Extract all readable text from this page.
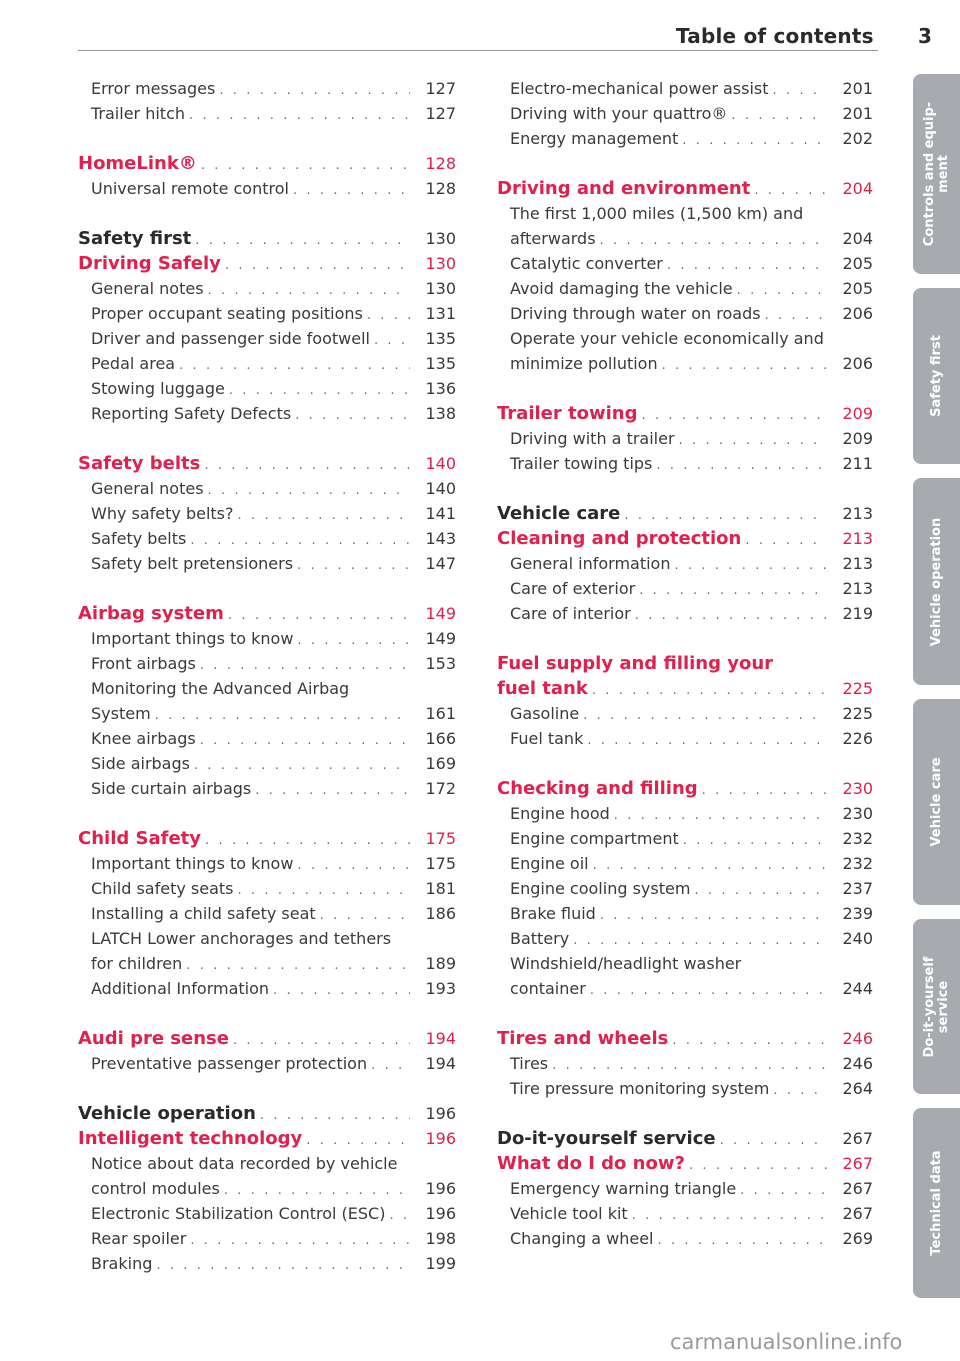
Table of contents 3
Error messages . . .	127
Trailer hitch . . .	127
HomeLink® . . .	128
Universal remote control . . .	128
Safety first . . .	130
Driving Safely . . .	130
General notes . . .	130
Proper occupant seating positions . . .	131
Driver and passenger side footwell . . .	135
Pedal area . . .	135
Stowing luggage . . .	136
Reporting Safety Defects . . .	138
Safety belts . . .	140
General notes . . .	140
Why safety belts? . . .	141
Safety belts . . .	143
Safety belt pretensioners . . .	147
Airbag system . . .	149
Important things to know . . .	149
Front airbags . . .	153
Monitoring the Advanced Airbag
System . . .	161
Knee airbags . . .	166
Side airbags . . .	169
Side curtain airbags . . .	172
Child Safety . . .	175
Important things to know . . .	175
Child safety seats . . .	181
Installing a child safety seat . . .	186
LATCH Lower anchorages and tethers
for children . . .	189
Additional Information . . .	193
Audi pre sense . . .	194
Preventative passenger protection . . .	194
Vehicle operation . . .	196
Intelligent technology . . .	196
Notice about data recorded by vehicle
control modules . . .	196
Electronic Stabilization Control (ESC) . . .	196
Rear spoiler . . .	198
Braking . . .	199
Electro-mechanical power assist . . .	201
Driving with your quattro® . . .	201
Energy management . . .	202
Driving and environment . . .	204
The first 1,000 miles (1,500 km) and
afterwards . . .	204
Catalytic converter . . .	205
Avoid damaging the vehicle . . .	205
Driving through water on roads . . .	206
Operate your vehicle economically and
minimize pollution . . .	206
Trailer towing . . .	209
Driving with a trailer . . .	209
Trailer towing tips . . .	211
Vehicle care . . .	213
Cleaning and protection . . .	213
General information . . .	213
Care of exterior . . .	213
Care of interior . . .	219
Fuel supply and filling your
fuel tank . . .	225
Gasoline . . .	225
Fuel tank . . .	226
Checking and filling . . .	230
Engine hood . . .	230
Engine compartment . . .	232
Engine oil . . .	232
Engine cooling system . . .	237
Brake fluid . . .	239
Battery . . .	240
Windshield/headlight washer
container . . .	244
Tires and wheels . . .	246
Tires . . .	246
Tire pressure monitoring system . . .	264
Do-it-yourself service . . .	267
What do I do now? . . .	267
Emergency warning triangle . . .	267
Vehicle tool kit . . .	267
Changing a wheel . . .	269
Controls and equip-
ment
Safety first
Vehicle operation
Vehicle care
Do-it-yourself
service
Technical data
carmanualsonline.info
